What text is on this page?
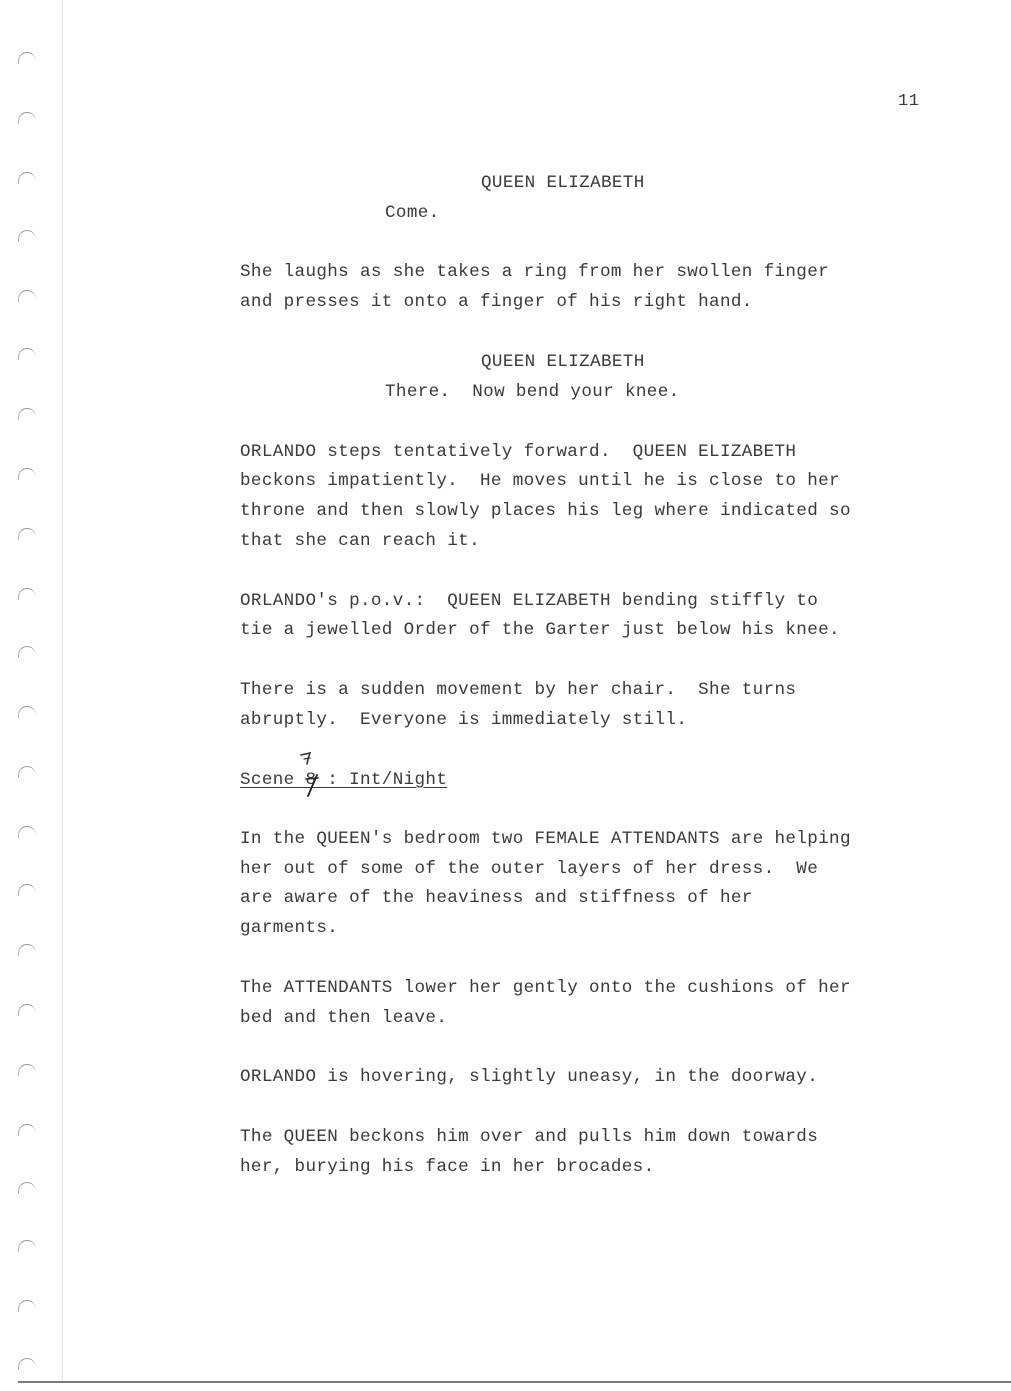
11
QUEEN ELIZABETH
Come.
She laughs as she takes a ring from her swollen finger
and presses it onto a finger of his right hand.
QUEEN ELIZABETH
There.  Now bend your knee.
ORLANDO steps tentatively forward.  QUEEN ELIZABETH
beckons impatiently.  He moves until he is close to her
throne and then slowly places his leg where indicated so
that she can reach it.
ORLANDO's p.o.v.:  QUEEN ELIZABETH bending stiffly to
tie a jewelled Order of the Garter just below his knee.
There is a sudden movement by her chair.  She turns
abruptly.  Everyone is immediately still.
Scene 8 : Int/Night
In the QUEEN's bedroom two FEMALE ATTENDANTS are helping
her out of some of the outer layers of her dress.  We
are aware of the heaviness and stiffness of her
garments.
The ATTENDANTS lower her gently onto the cushions of her
bed and then leave.
ORLANDO is hovering, slightly uneasy, in the doorway.
The QUEEN beckons him over and pulls him down towards
her, burying his face in her brocades.
